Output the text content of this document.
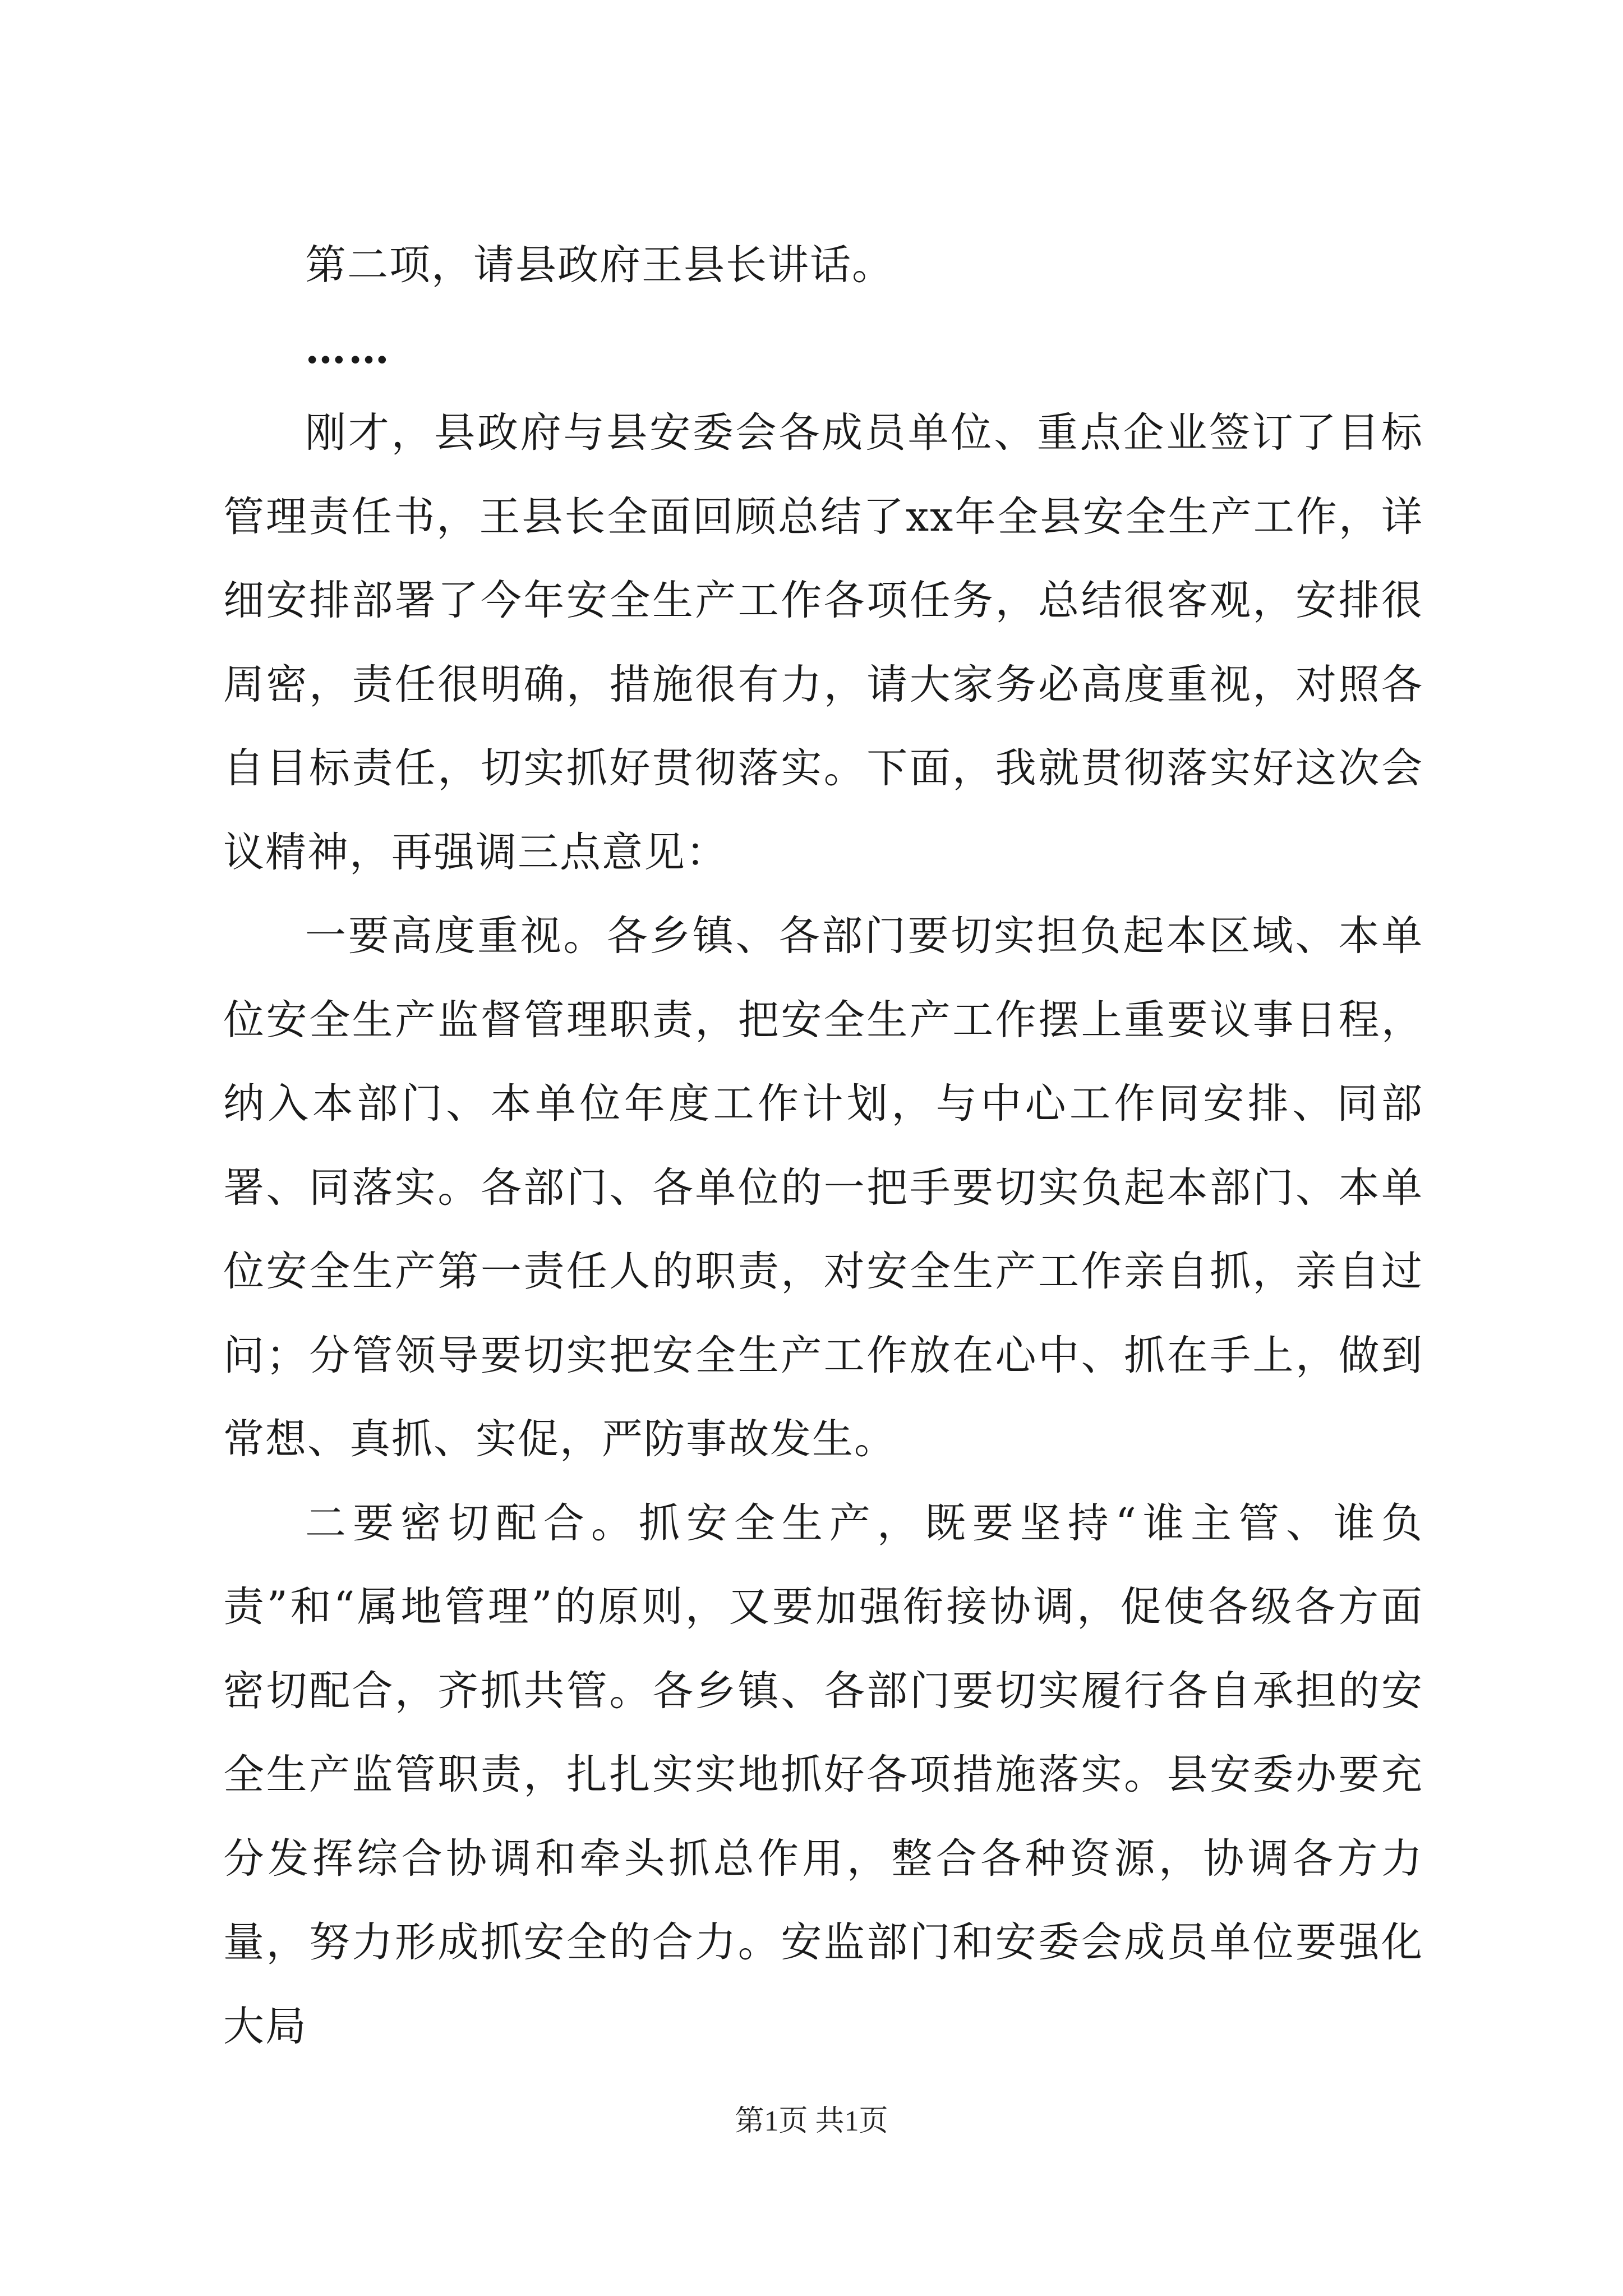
第二项，请县政府王县长讲话。

……

刚才，县政府与县安委会各成员单位、重点企业签订了目标管理责任书，王县长全面回顾总结了xx年全县安全生产工作，详细安排部署了今年安全生产工作各项任务，总结很客观，安排很周密，责任很明确，措施很有力，请大家务必高度重视，对照各自目标责任，切实抓好贯彻落实。下面，我就贯彻落实好这次会议精神，再强调三点意见：

一要高度重视。各乡镇、各部门要切实担负起本区域、本单位安全生产监督管理职责，把安全生产工作摆上重要议事日程，纳入本部门、本单位年度工作计划，与中心工作同安排、同部署、同落实。各部门、各单位的一把手要切实负起本部门、本单位安全生产第一责任人的职责，对安全生产工作亲自抓，亲自过问；分管领导要切实把安全生产工作放在心中、抓在手上，做到常想、真抓、实促，严防事故发生。

二要密切配合。抓安全生产，既要坚持“谁主管、谁负责”和“属地管理”的原则，又要加强衔接协调，促使各级各方面密切配合，齐抓共管。各乡镇、各部门要切实履行各自承担的安全生产监管职责，扎扎实实地抓好各项措施落实。县安委办要充分发挥综合协调和牵头抓总作用，整合各种资源，协调各方力量，努力形成抓安全的合力。安监部门和安委会成员单位要强化大局

第1页 共1页
